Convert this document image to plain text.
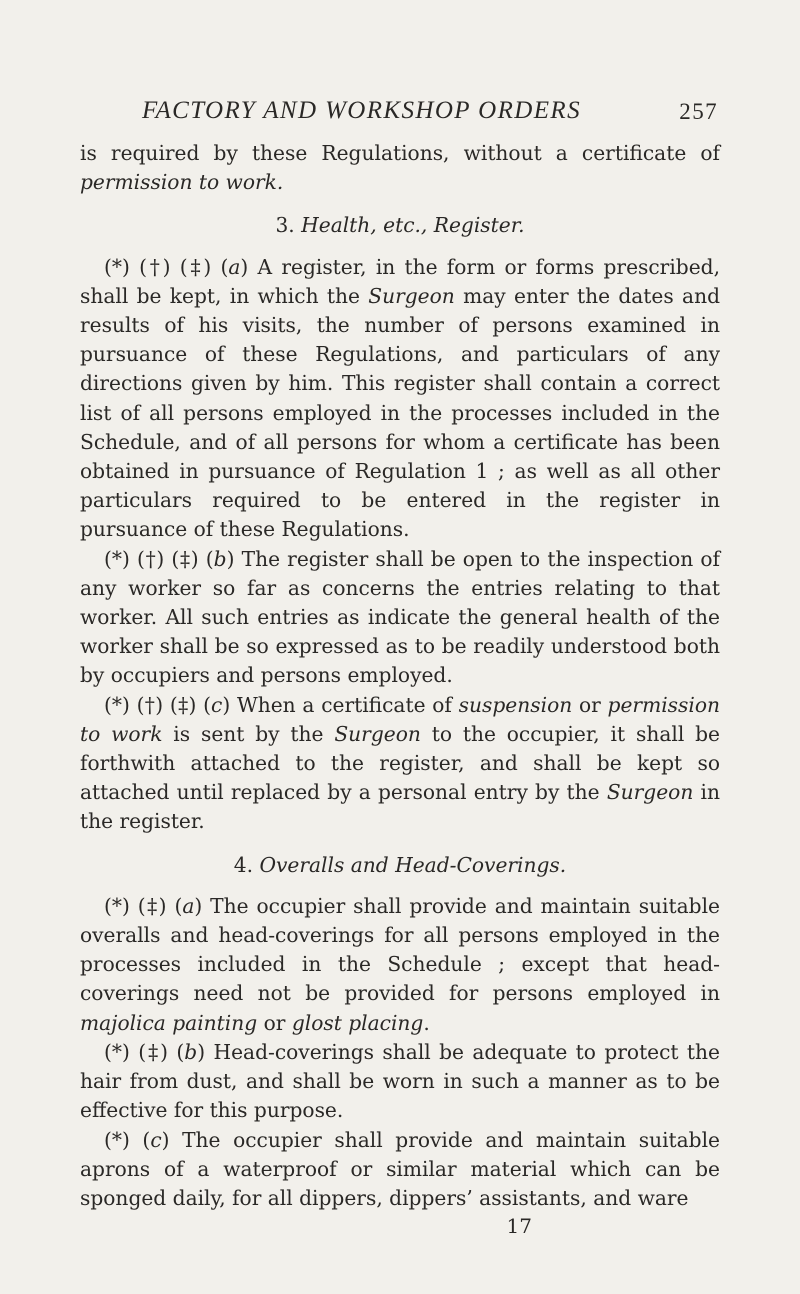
FACTORY AND WORKSHOP ORDERS	257

is required by these Regulations, without a certificate of permission to work.

3. Health, etc., Register.

(*) (†) (‡) (a) A register, in the form or forms prescribed, shall be kept, in which the Surgeon may enter the dates and results of his visits, the number of persons examined in pursuance of these Regulations, and particulars of any directions given by him. This register shall contain a correct list of all persons employed in the processes included in the Schedule, and of all persons for whom a certificate has been obtained in pursuance of Regulation 1 ; as well as all other particulars required to be entered in the register in pursuance of these Regulations.

(*) (†) (‡) (b) The register shall be open to the inspection of any worker so far as concerns the entries relating to that worker. All such entries as indicate the general health of the worker shall be so expressed as to be readily understood both by occupiers and persons employed.

(*) (†) (‡) (c) When a certificate of suspension or permission to work is sent by the Surgeon to the occupier, it shall be forthwith attached to the register, and shall be kept so attached until replaced by a personal entry by the Surgeon in the register.

4. Overalls and Head-Coverings.

(*) (‡) (a) The occupier shall provide and maintain suitable overalls and head-coverings for all persons employed in the processes included in the Schedule ; except that head-coverings need not be provided for persons employed in majolica painting or glost placing.

(*) (‡) (b) Head-coverings shall be adequate to protect the hair from dust, and shall be worn in such a manner as to be effective for this purpose.

(*) (c) The occupier shall provide and maintain suitable aprons of a waterproof or similar material which can be sponged daily, for all dippers, dippers’ assistants, and ware

17
